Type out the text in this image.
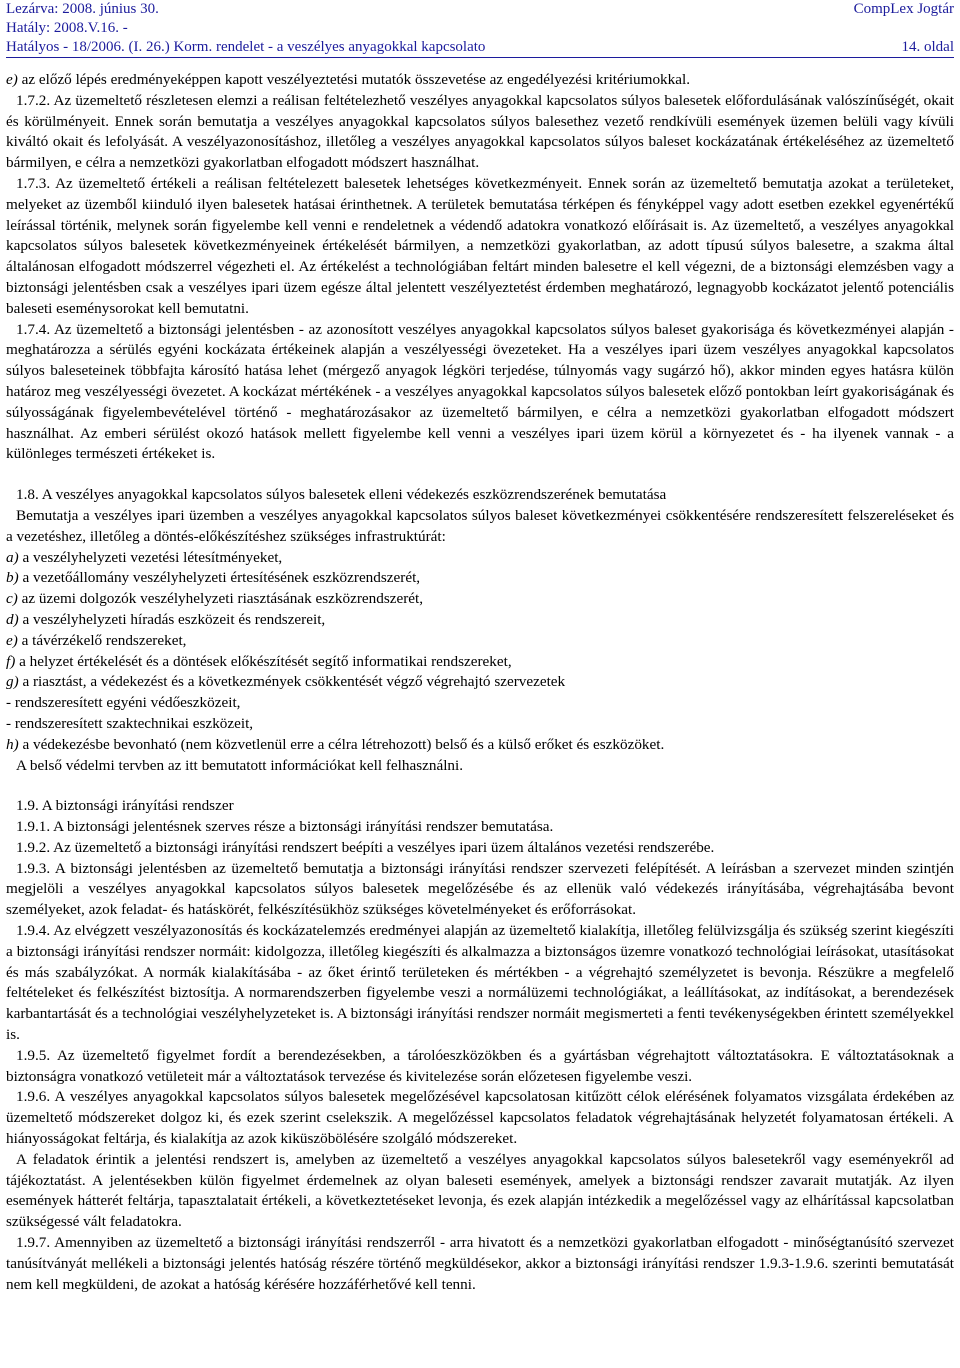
Lezárva: 2008. június 30.
Hatály: 2008.V.16. -
Hatályos - 18/2006. (I. 26.) Korm. rendelet - a veszélyes anyagokkal kapcsolato
CompLex Jogtár
14. oldal

e) az előző lépés eredményeképpen kapott veszélyeztetési mutatók összevetése az engedélyezési kritériumokkal.

1.7.2. Az üzemeltető részletesen elemzi a reálisan feltételezhető veszélyes anyagokkal kapcsolatos súlyos balesetek előfordulásának valószínűségét, okait és körülményeit. Ennek során bemutatja a veszélyes anyagokkal kapcsolatos súlyos balesethez vezető rendkívüli események üzemen belüli vagy kívüli kiváltó okait és lefolyását. A veszélyazonosításhoz, illetőleg a veszélyes anyagokkal kapcsolatos súlyos baleset kockázatának értékeléséhez az üzemeltető bármilyen, e célra a nemzetközi gyakorlatban elfogadott módszert használhat.

1.7.3. Az üzemeltető értékeli a reálisan feltételezett balesetek lehetséges következményeit. Ennek során az üzemeltető bemutatja azokat a területeket, melyeket az üzemből kiinduló ilyen balesetek hatásai érinthetnek. A területek bemutatása térképen és fényképpel vagy adott esetben ezekkel egyenértékű leírással történik, melynek során figyelembe kell venni e rendeletnek a védendő adatokra vonatkozó előírásait is. Az üzemeltető, a veszélyes anyagokkal kapcsolatos súlyos balesetek következményeinek értékelését bármilyen, a nemzetközi gyakorlatban, az adott típusú súlyos balesetre, a szakma által általánosan elfogadott módszerrel végezheti el. Az értékelést a technológiában feltárt minden balesetre el kell végezni, de a biztonsági elemzésben vagy a biztonsági jelentésben csak a veszélyes ipari üzem egésze által jelentett veszélyeztetést érdemben meghatározó, legnagyobb kockázatot jelentő potenciális baleseti eseménysorokat kell bemutatni.

1.7.4. Az üzemeltető a biztonsági jelentésben - az azonosított veszélyes anyagokkal kapcsolatos súlyos baleset gyakorisága és következményei alapján - meghatározza a sérülés egyéni kockázata értékeinek alapján a veszélyességi övezeteket. Ha a veszélyes ipari üzem veszélyes anyagokkal kapcsolatos súlyos baleseteinek többfajta károsító hatása lehet (mérgező anyagok légköri terjedése, túlnyomás vagy sugárzó hő), akkor minden egyes hatásra külön határoz meg veszélyességi övezetet. A kockázat mértékének - a veszélyes anyagokkal kapcsolatos súlyos balesetek előző pontokban leírt gyakoriságának és súlyosságának figyelembevételével történő - meghatározásakor az üzemeltető bármilyen, e célra a nemzetközi gyakorlatban elfogadott módszert használhat. Az emberi sérülést okozó hatások mellett figyelembe kell venni a veszélyes ipari üzem körül a környezetet és - ha ilyenek vannak - a különleges természeti értékeket is.

1.8. A veszélyes anyagokkal kapcsolatos súlyos balesetek elleni védekezés eszközrendszerének bemutatása

Bemutatja a veszélyes ipari üzemben a veszélyes anyagokkal kapcsolatos súlyos baleset következményei csökkentésére rendszeresített felszereléseket és a vezetéshez, illetőleg a döntés-előkészítéshez szükséges infrastruktúrát:

a) a veszélyhelyzeti vezetési létesítményeket,

b) a vezetőállomány veszélyhelyzeti értesítésének eszközrendszerét,

c) az üzemi dolgozók veszélyhelyzeti riasztásának eszközrendszerét,

d) a veszélyhelyzeti híradás eszközeit és rendszereit,

e) a távérzékelő rendszereket,

f) a helyzet értékelését és a döntések előkészítését segítő informatikai rendszereket,

g) a riasztást, a védekezést és a következmények csökkentését végző végrehajtó szervezetek

- rendszeresített egyéni védőeszközeit,

- rendszeresített szaktechnikai eszközeit,

h) a védekezésbe bevonható (nem közvetlenül erre a célra létrehozott) belső és a külső erőket és eszközöket.

A belső védelmi tervben az itt bemutatott információkat kell felhasználni.

1.9. A biztonsági irányítási rendszer

1.9.1. A biztonsági jelentésnek szerves része a biztonsági irányítási rendszer bemutatása.

1.9.2. Az üzemeltető a biztonsági irányítási rendszert beépíti a veszélyes ipari üzem általános vezetési rendszerébe.

1.9.3. A biztonsági jelentésben az üzemeltető bemutatja a biztonsági irányítási rendszer szervezeti felépítését. A leírásban a szervezet minden szintjén megjelöli a veszélyes anyagokkal kapcsolatos súlyos balesetek megelőzésébe és az ellenük való védekezés irányításába, végrehajtásába bevont személyeket, azok feladat- és hatáskörét, felkészítésükhöz szükséges követelményeket és erőforrásokat.

1.9.4. Az elvégzett veszélyazonosítás és kockázatelemzés eredményei alapján az üzemeltető kialakítja, illetőleg felülvizsgálja és szükség szerint kiegészíti a biztonsági irányítási rendszer normáit: kidolgozza, illetőleg kiegészíti és alkalmazza a biztonságos üzemre vonatkozó technológiai leírásokat, utasításokat és más szabályzókat. A normák kialakításába - az őket érintő területeken és mértékben - a végrehajtó személyzetet is bevonja. Részükre a megfelelő feltételeket és felkészítést biztosítja. A normarendszerben figyelembe veszi a normálüzemi technológiákat, a leállításokat, az indításokat, a berendezések karbantartását és a technológiai veszélyhelyzeteket is. A biztonsági irányítási rendszer normáit megismerteti a fenti tevékenységekben érintett személyekkel is.

1.9.5. Az üzemeltető figyelmet fordít a berendezésekben, a tárolóeszközökben és a gyártásban végrehajtott változtatásokra. E változtatásoknak a biztonságra vonatkozó vetületeit már a változtatások tervezése és kivitelezése során előzetesen figyelembe veszi.

1.9.6. A veszélyes anyagokkal kapcsolatos súlyos balesetek megelőzésével kapcsolatosan kitűzött célok elérésének folyamatos vizsgálata érdekében az üzemeltető módszereket dolgoz ki, és ezek szerint cselekszik. A megelőzéssel kapcsolatos feladatok végrehajtásának helyzetét folyamatosan értékeli. A hiányosságokat feltárja, és kialakítja az azok kiküszöbölésére szolgáló módszereket.

A feladatok érintik a jelentési rendszert is, amelyben az üzemeltető a veszélyes anyagokkal kapcsolatos súlyos balesetekről vagy eseményekről ad tájékoztatást. A jelentésekben külön figyelmet érdemelnek az olyan baleseti események, amelyek a biztonsági rendszer zavarait mutatják. Az ilyen események hátterét feltárja, tapasztalatait értékeli, a következtetéseket levonja, és ezek alapján intézkedik a megelőzéssel vagy az elhárítással kapcsolatban szükségessé vált feladatokra.

1.9.7. Amennyiben az üzemeltető a biztonsági irányítási rendszerről - arra hivatott és a nemzetközi gyakorlatban elfogadott - minőségtanúsító szervezet tanúsítványát mellékeli a biztonsági jelentés hatóság részére történő megküldésekor, akkor a biztonsági irányítási rendszer 1.9.3-1.9.6. szerinti bemutatását nem kell megküldeni, de azokat a hatóság kérésére hozzáférhetővé kell tenni.
